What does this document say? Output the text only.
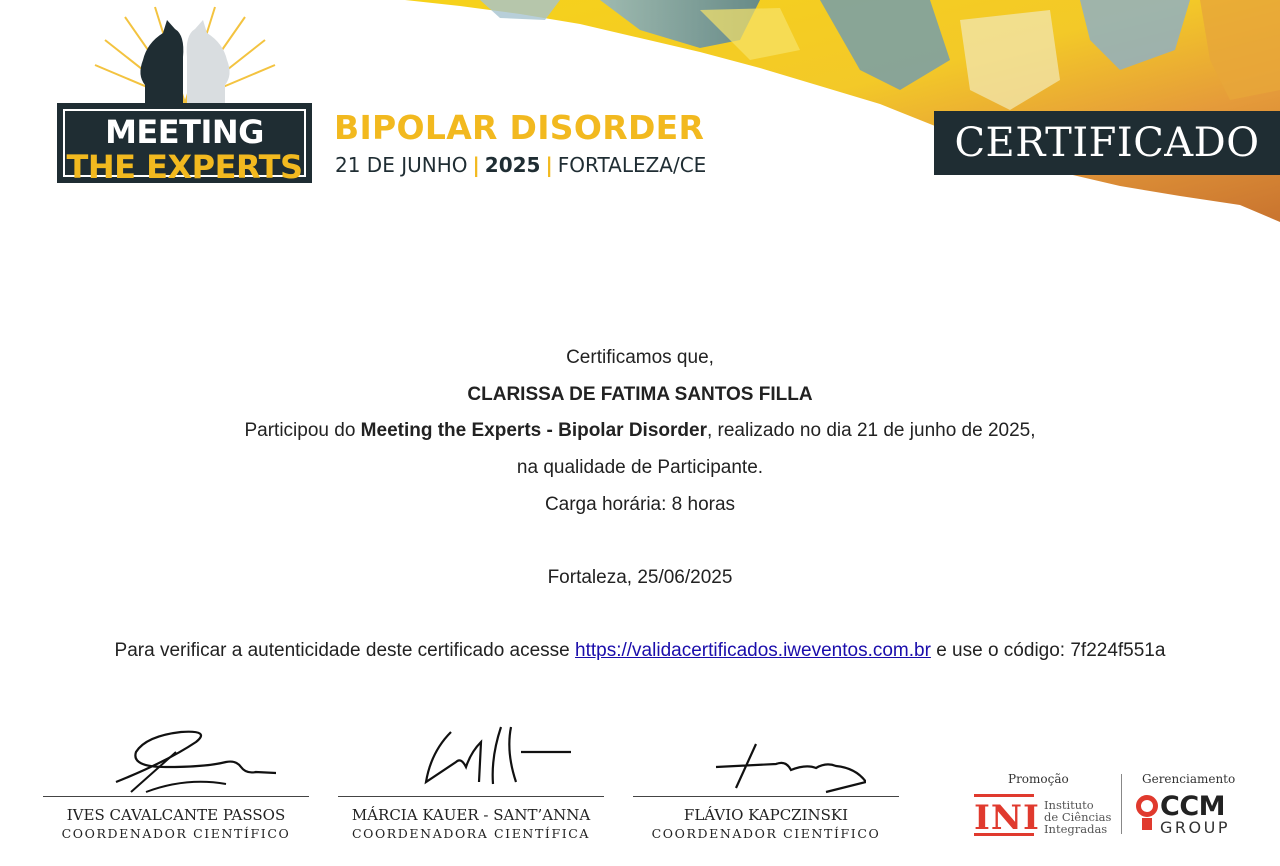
MEETING
THE EXPERTS
BIPOLAR DISORDER
21 DE JUNHO | 2025 | FORTALEZA/CE	CERTIFICADO
Certificamos que,
CLARISSA DE FATIMA SANTOS FILLA
Participou do Meeting the Experts - Bipolar Disorder, realizado no dia 21 de junho de 2025,
na qualidade de Participante.
Carga horária: 8 horas
Fortaleza, 25/06/2025
Para verificar a autenticidade deste certificado acesse https://validacertificados.iweventos.com.br e use o código: 7f224f551a
IVES CAVALCANTE PASSOS
COORDENADOR CIENTÍFICO
MÁRCIA KAUER - SANT’ANNA
COORDENADORA CIENTÍFICA
FLÁVIO KAPCZINSKI
COORDENADOR CIENTÍFICO
Promoção
INI Instituto
de Ciências
Integradas
Gerenciamento
CCM
GROUP
